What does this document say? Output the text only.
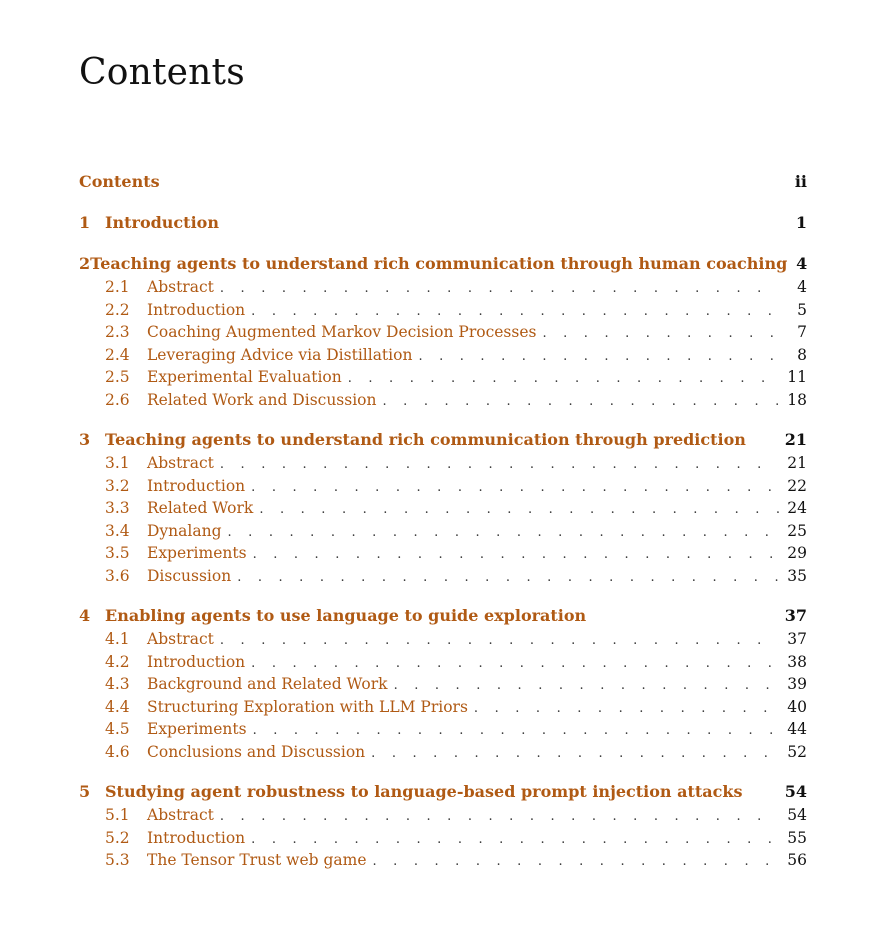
Contents
Contents	ii
1 Introduction	1
2 Teaching agents to understand rich communication through human coaching 4
2.1	Abstract . . .	4
2.2	Introduction . . .	5
2.3	Coaching Augmented Markov Decision Processes . . .	7
2.4	Leveraging Advice via Distillation . . .	8
2.5	Experimental Evaluation . . .	11
2.6	Related Work and Discussion . . .	18
3 Teaching agents to understand rich communication through prediction	21
3.1	Abstract . . .	21
3.2	Introduction . . .	22
3.3	Related Work . . .	24
3.4	Dynalang . . .	25
3.5	Experiments . . .	29
3.6	Discussion . . .	35
4 Enabling agents to use language to guide exploration	37
4.1	Abstract . . .	37
4.2	Introduction . . .	38
4.3	Background and Related Work . . .	39
4.4	Structuring Exploration with LLM Priors . . .	40
4.5	Experiments . . .	44
4.6	Conclusions and Discussion . . .	52
5 Studying agent robustness to language-based prompt injection attacks	54
5.1	Abstract . . .	54
5.2	Introduction . . .	55
5.3	The Tensor Trust web game . . .	56
